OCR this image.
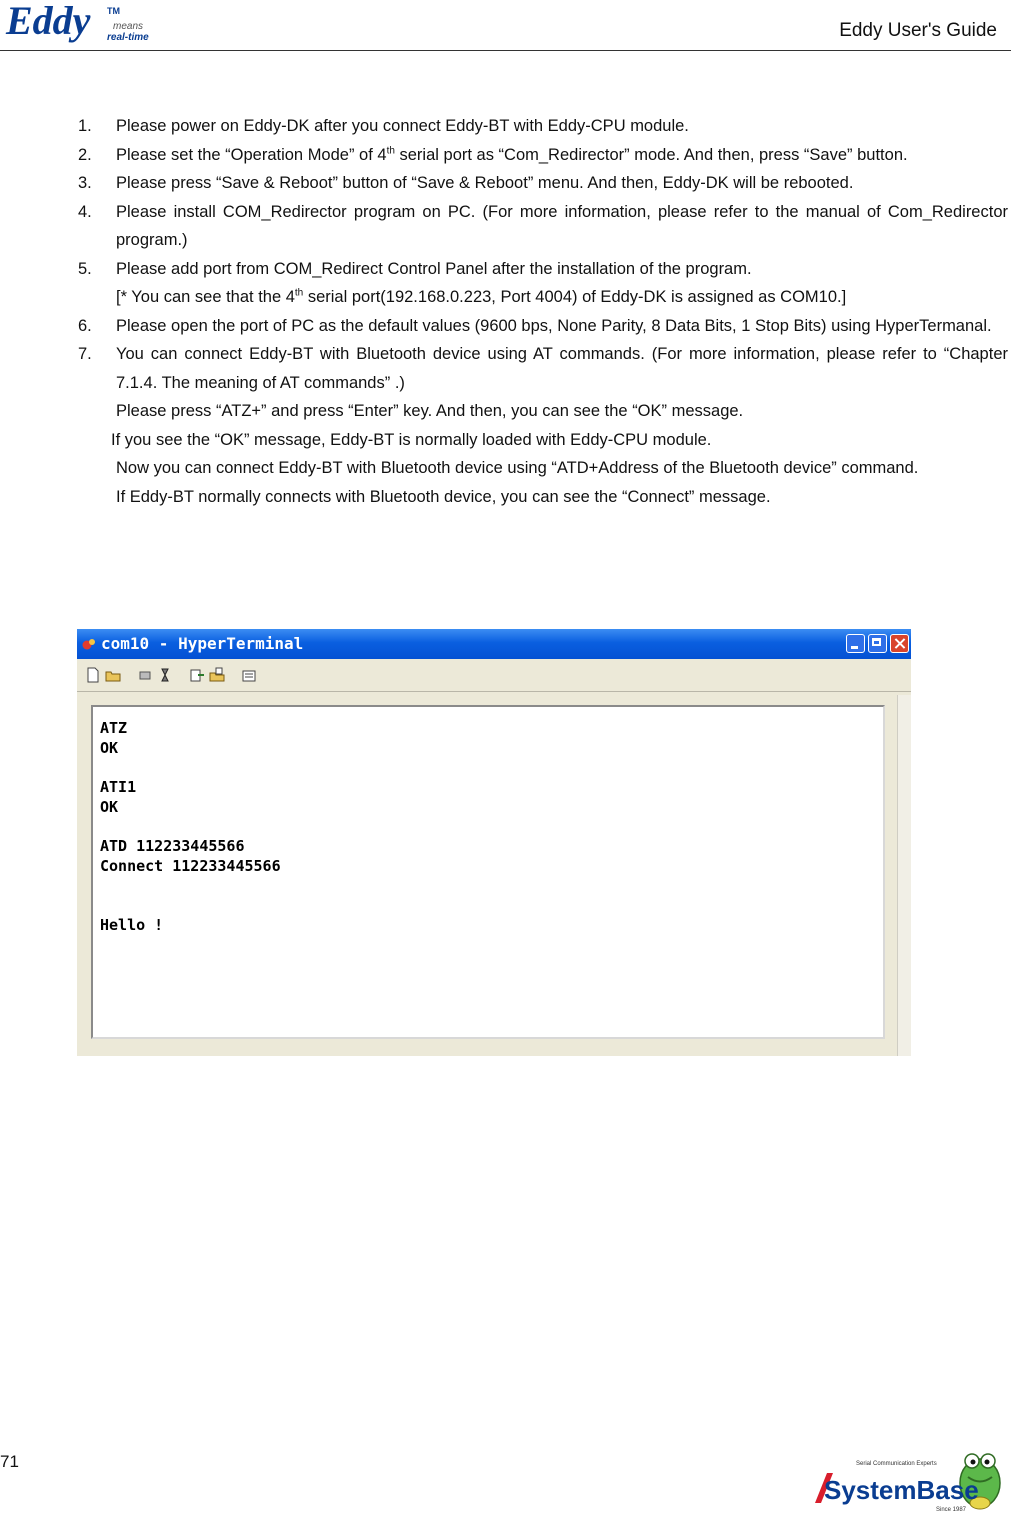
Eddy TM
means
real-time	Eddy User's Guide
1. Please power on Eddy-DK after you connect Eddy-BT with Eddy-CPU module.
2. Please set the “Operation Mode” of 4th serial port as “Com_Redirector” mode. And then, press “Save” button.
3. Please press “Save & Reboot” button of “Save & Reboot” menu. And then, Eddy-DK will be rebooted.
4. Please install COM_Redirector program on PC. (For more information, please refer to the manual of Com_Redirector program.)
5. Please add port from COM_Redirect Control Panel after the installation of the program.
[* You can see that the 4th serial port(192.168.0.223, Port 4004) of Eddy-DK is assigned as COM10.]
6. Please open the port of PC as the default values (9600 bps, None Parity, 8 Data Bits, 1 Stop Bits) using HyperTermanal.
7. You can connect Eddy-BT with Bluetooth device using AT commands. (For more information, please refer to “Chapter 7.1.4. The meaning of AT commands” .)
Please press “ATZ+” and press “Enter” key. And then, you can see the “OK” message.
If you see the “OK” message, Eddy-BT is normally loaded with Eddy-CPU module.
Now you can connect Eddy-BT with Bluetooth device using “ATD+Address of the Bluetooth device” command.
If Eddy-BT normally connects with Bluetooth device, you can see the “Connect” message.
com10 - HyperTerminal
ATZ
OK

ATI1
OK

ATD 112233445566
Connect 112233445566

Hello !
71	Serial Communication Experts
SystemBase
Since 1987
